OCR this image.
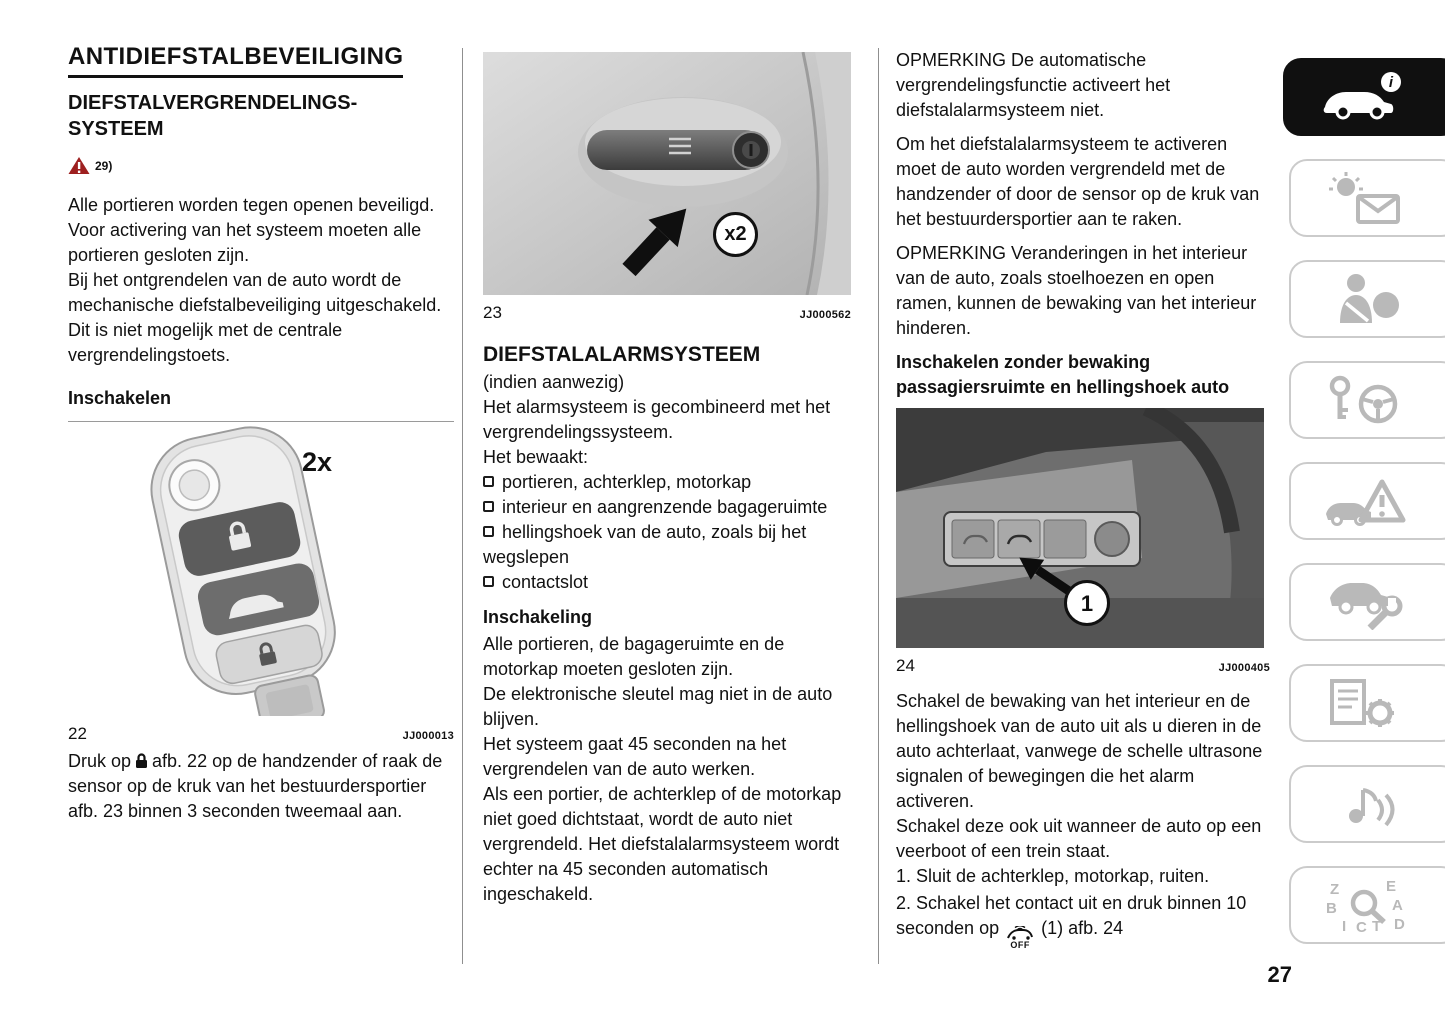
ANTIDIEFSTALBEVEILIGING
DIEFSTALVERGRENDELINGS-SYSTEEM
29)

Alle portieren worden tegen openen beveiligd. Voor activering van het systeem moeten alle portieren gesloten zijn.

Bij het ontgrendelen van de auto wordt de mechanische diefstalbeveiliging uitgeschakeld.

Dit is niet mogelijk met de centrale vergrendelingstoets.

Inschakelen
2x
22	JJ000013

Druk op afb. 22 op de handzender of raak de sensor op de kruk van het bestuurdersportier afb. 23 binnen 3 seconden tweemaal aan.

x2
23	JJ000562
DIEFSTALALARMSYSTEEM

(indien aanwezig)

Het alarmsysteem is gecombineerd met het vergrendelingssysteem.

Het bewaakt:

portieren, achterklep, motorkap

interieur en aangrenzende bagageruimte

hellingshoek van de auto, zoals bij het wegslepen

contactslot

Inschakeling

Alle portieren, de bagageruimte en de motorkap moeten gesloten zijn.

De elektronische sleutel mag niet in de auto blijven.

Het systeem gaat 45 seconden na het vergrendelen van de auto werken.

Als een portier, de achterklep of de motorkap niet goed dichtstaat, wordt de auto niet vergrendeld. Het diefstalalarmsysteem wordt echter na 45 seconden automatisch ingeschakeld.

OPMERKING De automatische vergrendelingsfunctie activeert het diefstalalarmsysteem niet.

Om het diefstalalarmsysteem te activeren moet de auto worden vergrendeld met de handzender of door de sensor op de kruk van het bestuurdersportier aan te raken.

OPMERKING Veranderingen in het interieur van de auto, zoals stoelhoezen en open ramen, kunnen de bewaking van het interieur hinderen.

Inschakelen zonder bewaking passagiersruimte en hellingshoek auto
1
24	JJ000405

Schakel de bewaking van het interieur en de hellingshoek van de auto uit als u dieren in de auto achterlaat, vanwege de schelle ultrasone signalen of bewegingen die het alarm activeren.

Schakel deze ook uit wanneer de auto op een veerboot of een trein staat.

1. Sluit de achterklep, motorkap, ruiten.

2. Schakel het contact uit en druk binnen 10 seconden op
OFF
(1) afb. 24

i
Z	E
B	A
D
I C T
27
